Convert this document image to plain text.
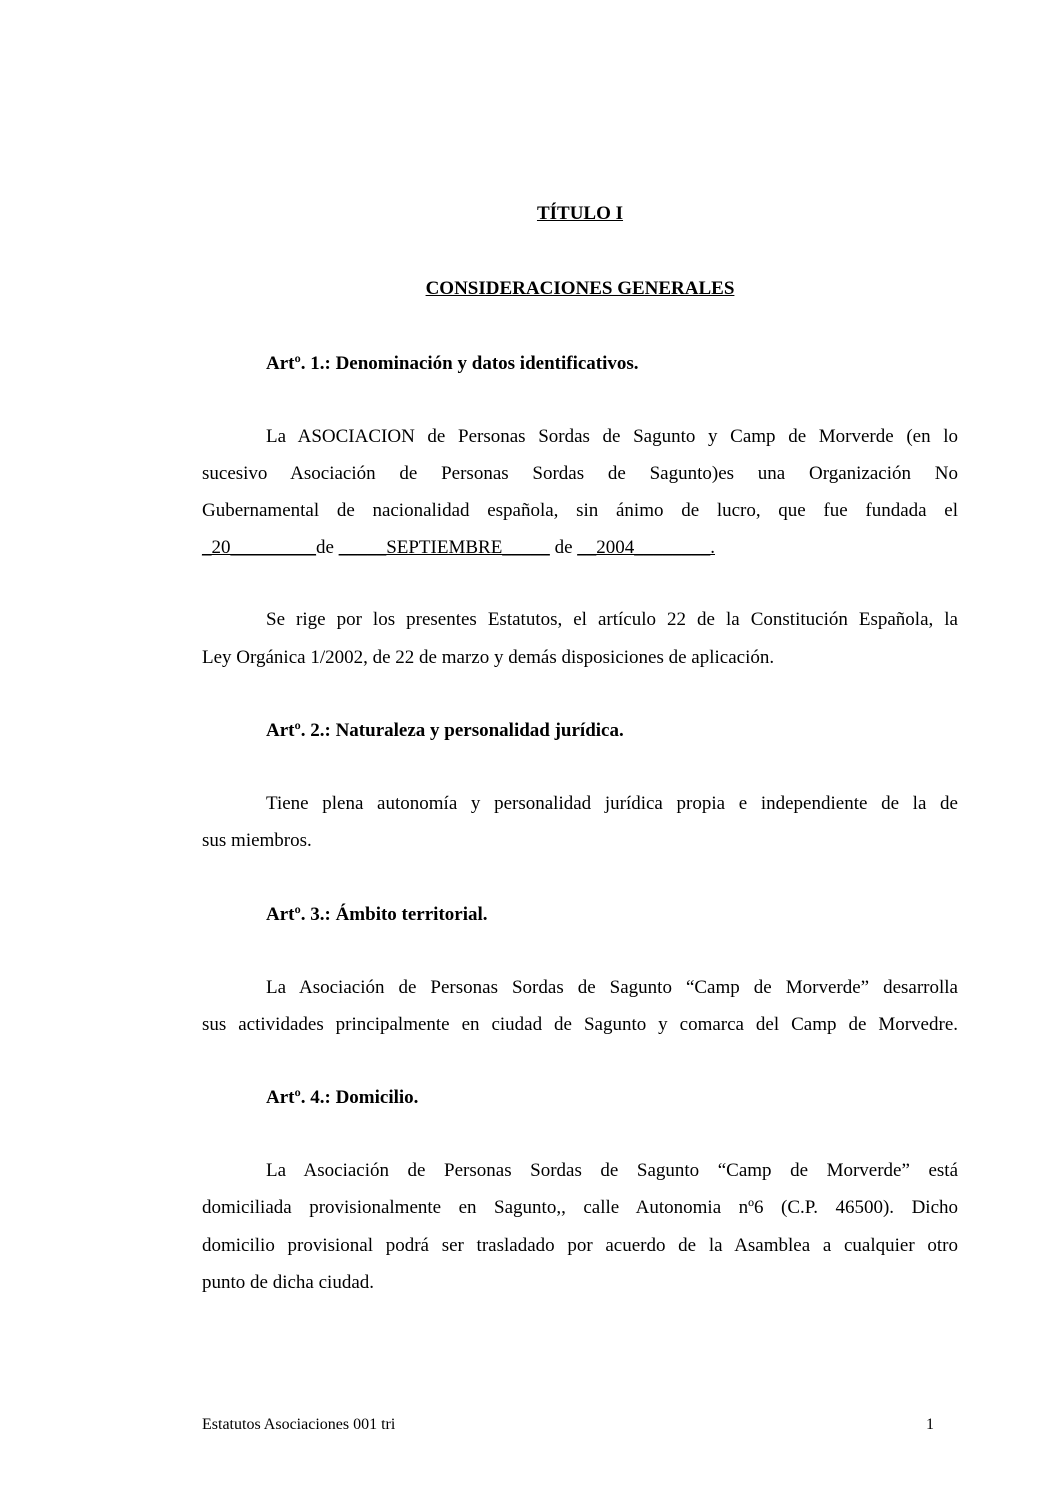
TÍTULO I
CONSIDERACIONES GENERALES
Artº. 1.: Denominación y datos identificativos.
La ASOCIACION de Personas Sordas de Sagunto y Camp de Morverde (en lo
sucesivo Asociación de Personas Sordas de Sagunto)es una Organización No
Gubernamental de nacionalidad española, sin ánimo de lucro, que fue fundada el
_20_________de _____SEPTIEMBRE_____ de __2004________.
Se rige por los presentes Estatutos, el artículo 22 de la Constitución Española, la
Ley Orgánica 1/2002, de 22 de marzo y demás disposiciones de aplicación.
Artº. 2.: Naturaleza y personalidad jurídica.
Tiene plena autonomía y personalidad jurídica propia e independiente de la de
sus miembros.
Artº. 3.: Ámbito territorial.
La Asociación de Personas Sordas de Sagunto “Camp de Morverde” desarrolla
sus actividades principalmente en ciudad de Sagunto y comarca del Camp de Morvedre.
Artº. 4.: Domicilio.
La Asociación de Personas Sordas de Sagunto “Camp de Morverde” está
domiciliada provisionalmente en Sagunto,, calle Autonomia nº6 (C.P. 46500). Dicho
domicilio provisional podrá ser trasladado por acuerdo de la Asamblea a cualquier otro
punto de dicha ciudad.
Estatutos Asociaciones 001 tri	1
